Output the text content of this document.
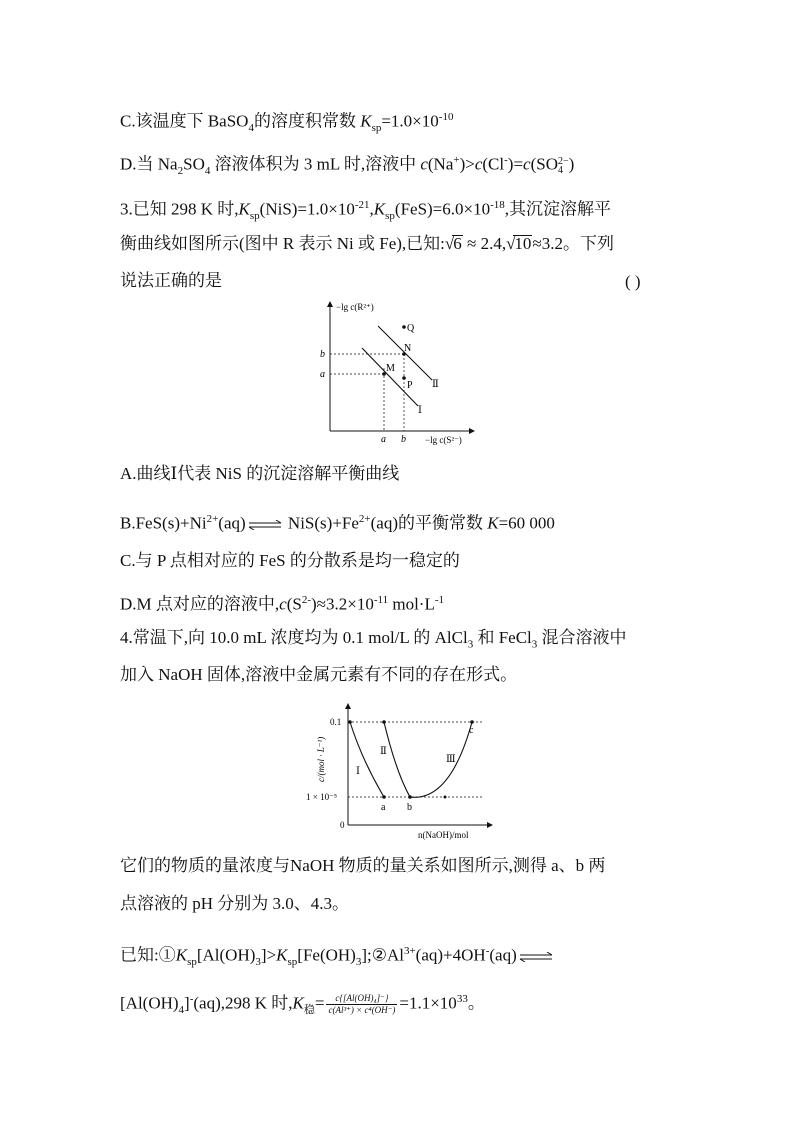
C.该温度下 BaSO$_4$的溶度积常数 $K_{sp}=1.0\times 10^{-10}$
D.当 $Na_2SO_4$ 溶液体积为 3 mL 时,溶液中 c(Na+)>c(Cl-)=c(SO 2−
4 )
3.已知 298 K 时$,K_{sp}(NiS)=1.0\times 10^{-21},K_{sp}(FeS)=6.0\times 10^{-18}$,其沉淀溶解平
衡曲线如图所示(图中 R 表示 Ni 或 Fe),已知:√6 ≈ 2.4,√10≈3.2。下列
说法正确的是	( )
−lg c(R²⁺)
−lg c(S²⁻)
b
a
a b
Ⅰ
Ⅱ
Q
N
M
P
A.曲线Ⅰ代表 NiS 的沉淀溶解平衡曲线
$B.FeS(s)+Ni^{2+}(aq)$ ⇌ $NiS(s)+Fe^{2+}(aq)$的平衡常数 K=60 000
C.与 P 点相对应的 FeS 的分散系是均一稳定的
D.M 点对应的溶液中$,c(S^{2-})\approx 3.2\times 10^{-11}$ $mol\cdot L^{-1}$
4.常温下,向 10.0 mL 浓度均为 0.1 mol/L 的 AlCl$_3$ 和 FeCl$_3$ 混合溶液中
加入 NaOH 固体,溶液中金属元素有不同的存在形式。
c/(mol · L⁻¹)
n(NaOH)/mol
0.1
1 × 10⁻⁵
0
Ⅰ
Ⅱ
Ⅲ
a b
c
它们的物质的量浓度与NaOH 物质的量关系如图所示,测得 a、b 两
点溶液的 pH 分别为 3.0、4.3。
已知$:①K_{sp}[Al(OH)_3]>K_{sp}[Fe(OH)_3];②Al^{3+}(aq)+4OH^-(aq)$ ⇌
$[Al(OH)_4]^-(aq),298$ K 时$,K_稳= \frac{\text{c\{[Al(OH)₄]⁻\}}}{\text{c(Al³⁺) × c⁴(OH⁻)}} =1.1\times 10^{33}$。
